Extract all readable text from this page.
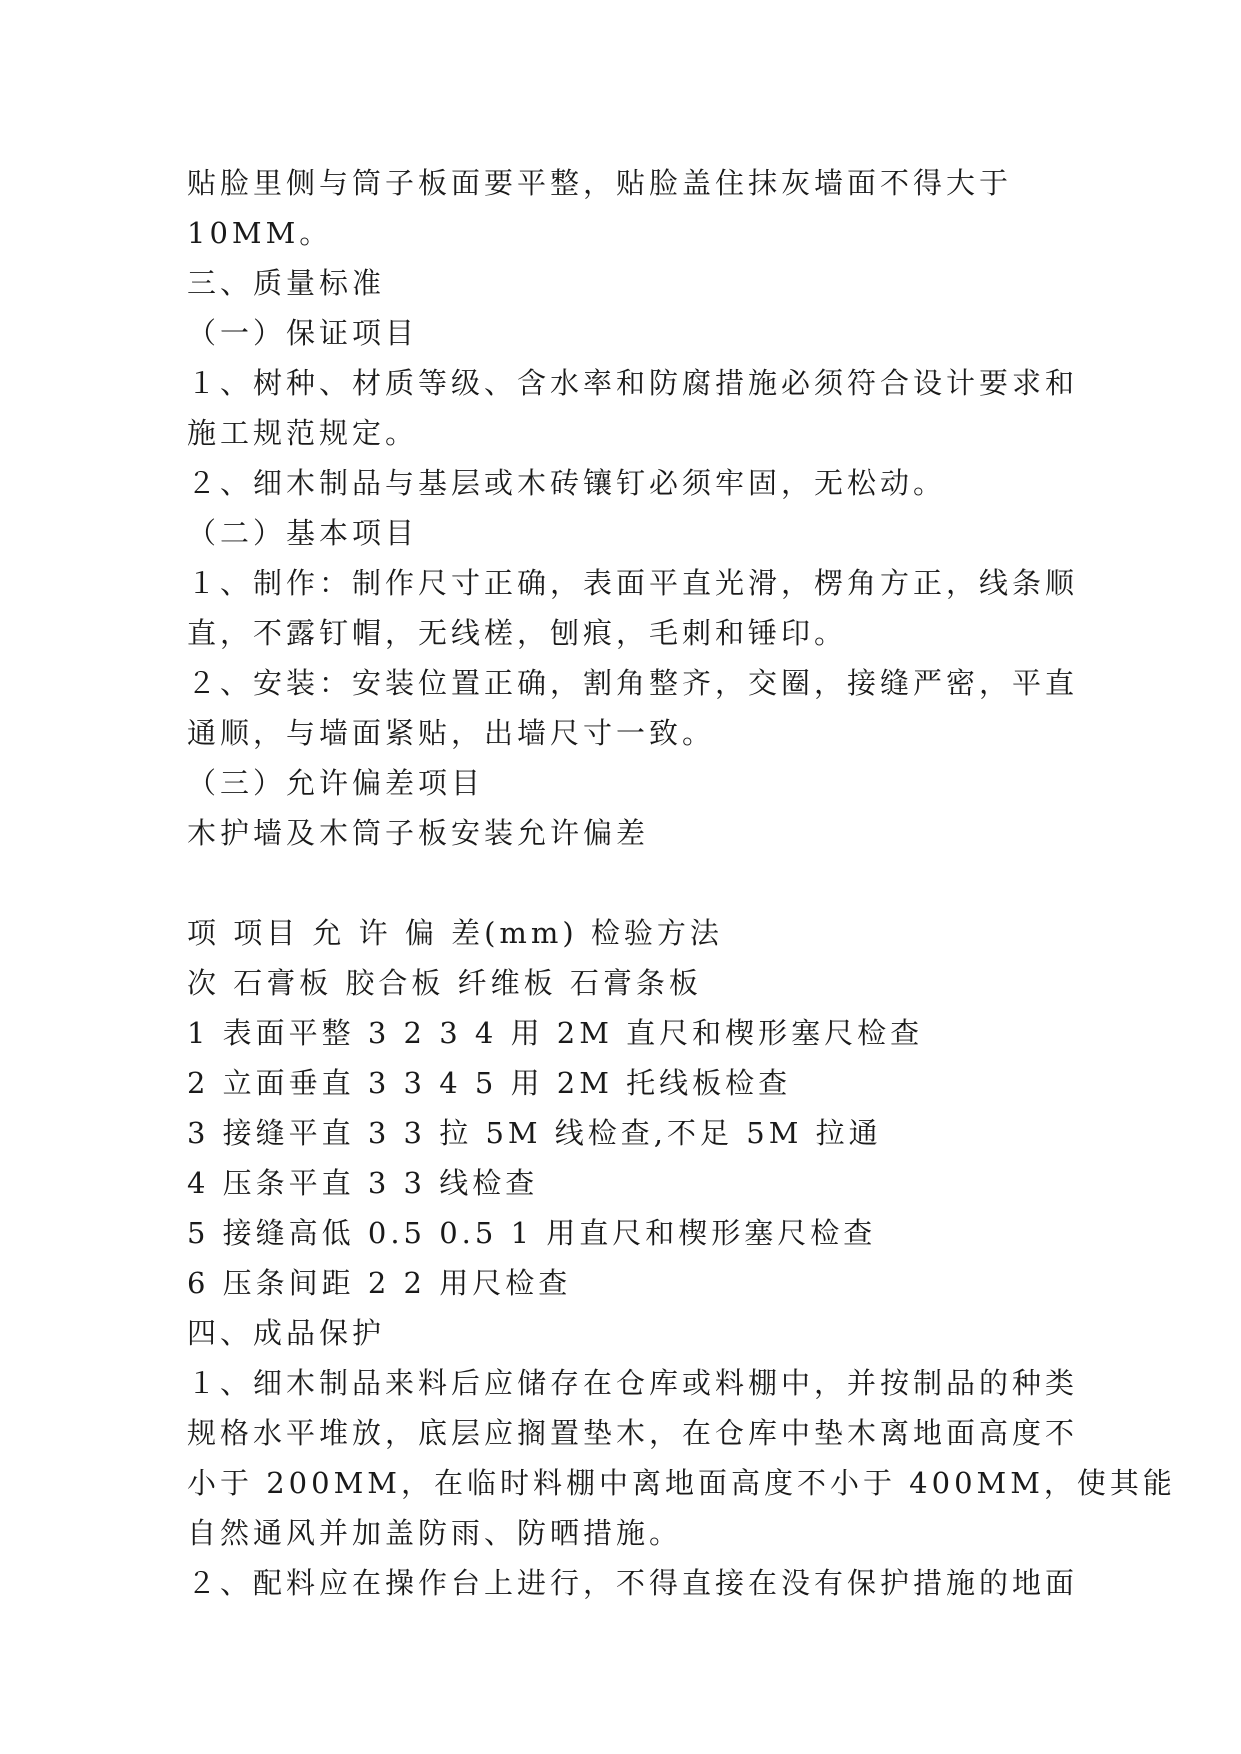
贴脸里侧与筒子板面要平整，贴脸盖住抹灰墙面不得大于
10MM。
三、质量标准
（一）保证项目
１、树种、材质等级、含水率和防腐措施必须符合设计要求和
施工规范规定。
２、细木制品与基层或木砖镶钉必须牢固，无松动。
（二）基本项目
１、制作：制作尺寸正确，表面平直光滑，楞角方正，线条顺
直，不露钉帽，无线槎，刨痕，毛刺和锤印。
２、安装：安装位置正确，割角整齐，交圈，接缝严密，平直
通顺，与墙面紧贴，出墙尺寸一致。
（三）允许偏差项目
木护墙及木筒子板安装允许偏差
项 项目 允 许 偏 差(mm) 检验方法
次 石膏板 胶合板 纤维板 石膏条板
1 表面平整 3 2 3 4 用 2M 直尺和楔形塞尺检查
2 立面垂直 3 3 4 5 用 2M 托线板检查
3 接缝平直 3 3 拉 5M 线检查,不足 5M 拉通
4 压条平直 3 3 线检查
5 接缝高低 0.5 0.5 1 用直尺和楔形塞尺检查
6 压条间距 2 2 用尺检查
四、成品保护
１、细木制品来料后应储存在仓库或料棚中，并按制品的种类
规格水平堆放，底层应搁置垫木，在仓库中垫木离地面高度不
小于 200MM，在临时料棚中离地面高度不小于 400MM，使其能
自然通风并加盖防雨、防晒措施。
２、配料应在操作台上进行，不得直接在没有保护措施的地面
